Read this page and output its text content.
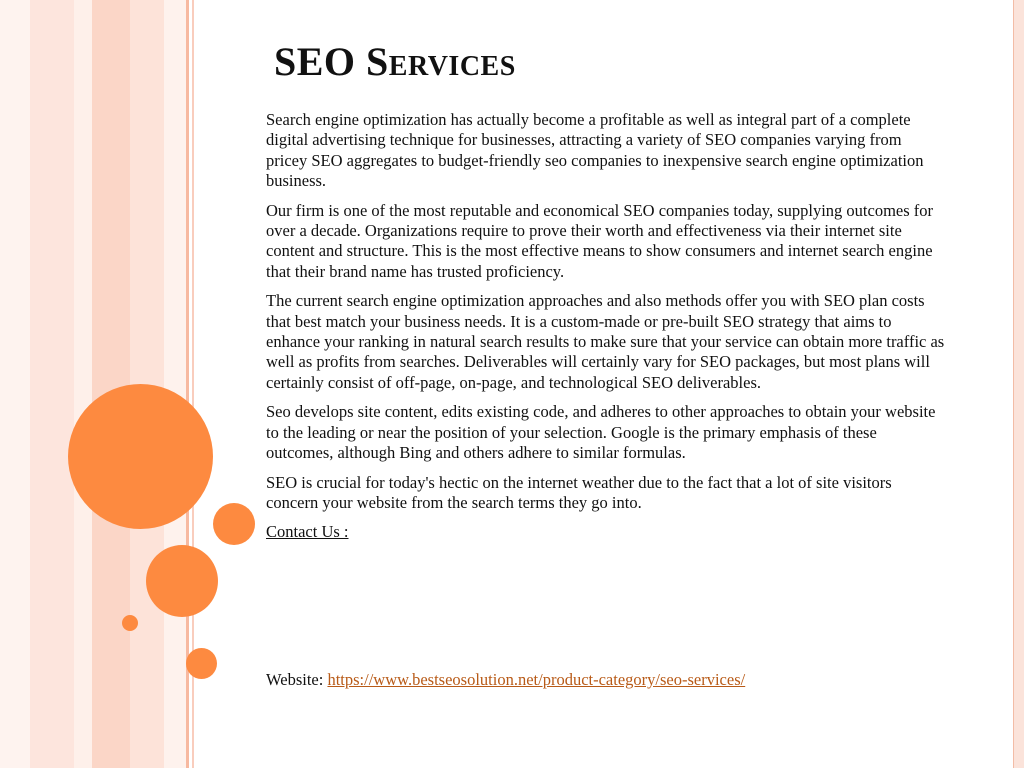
SEO Services

Search engine optimization has actually become a profitable as well as integral part of a complete digital advertising technique for businesses, attracting a variety of SEO companies varying from pricey SEO aggregates to budget-friendly seo companies to inexpensive search engine optimization business.

Our firm is one of the most reputable and economical SEO companies today, supplying outcomes for over a decade. Organizations require to prove their worth and effectiveness via their internet site content and structure. This is the most effective means to show consumers and internet search engine that their brand name has trusted proficiency.

The current search engine optimization approaches and also methods offer you with SEO plan costs that best match your business needs. It is a custom-made or pre-built SEO strategy that aims to enhance your ranking in natural search results to make sure that your service can obtain more traffic as well as profits from searches. Deliverables will certainly vary for SEO packages, but most plans will certainly consist of off-page, on-page, and technological SEO deliverables.

Seo develops site content, edits existing code, and adheres to other approaches to obtain your website to the leading or near the position of your selection. Google is the primary emphasis of these outcomes, although Bing and others adhere to similar formulas.

SEO is crucial for today's hectic on the internet weather due to the fact that a lot of site visitors concern your website from the search terms they go into.

Contact Us :

Website: https://www.bestseosolution.net/product-category/seo-services/
